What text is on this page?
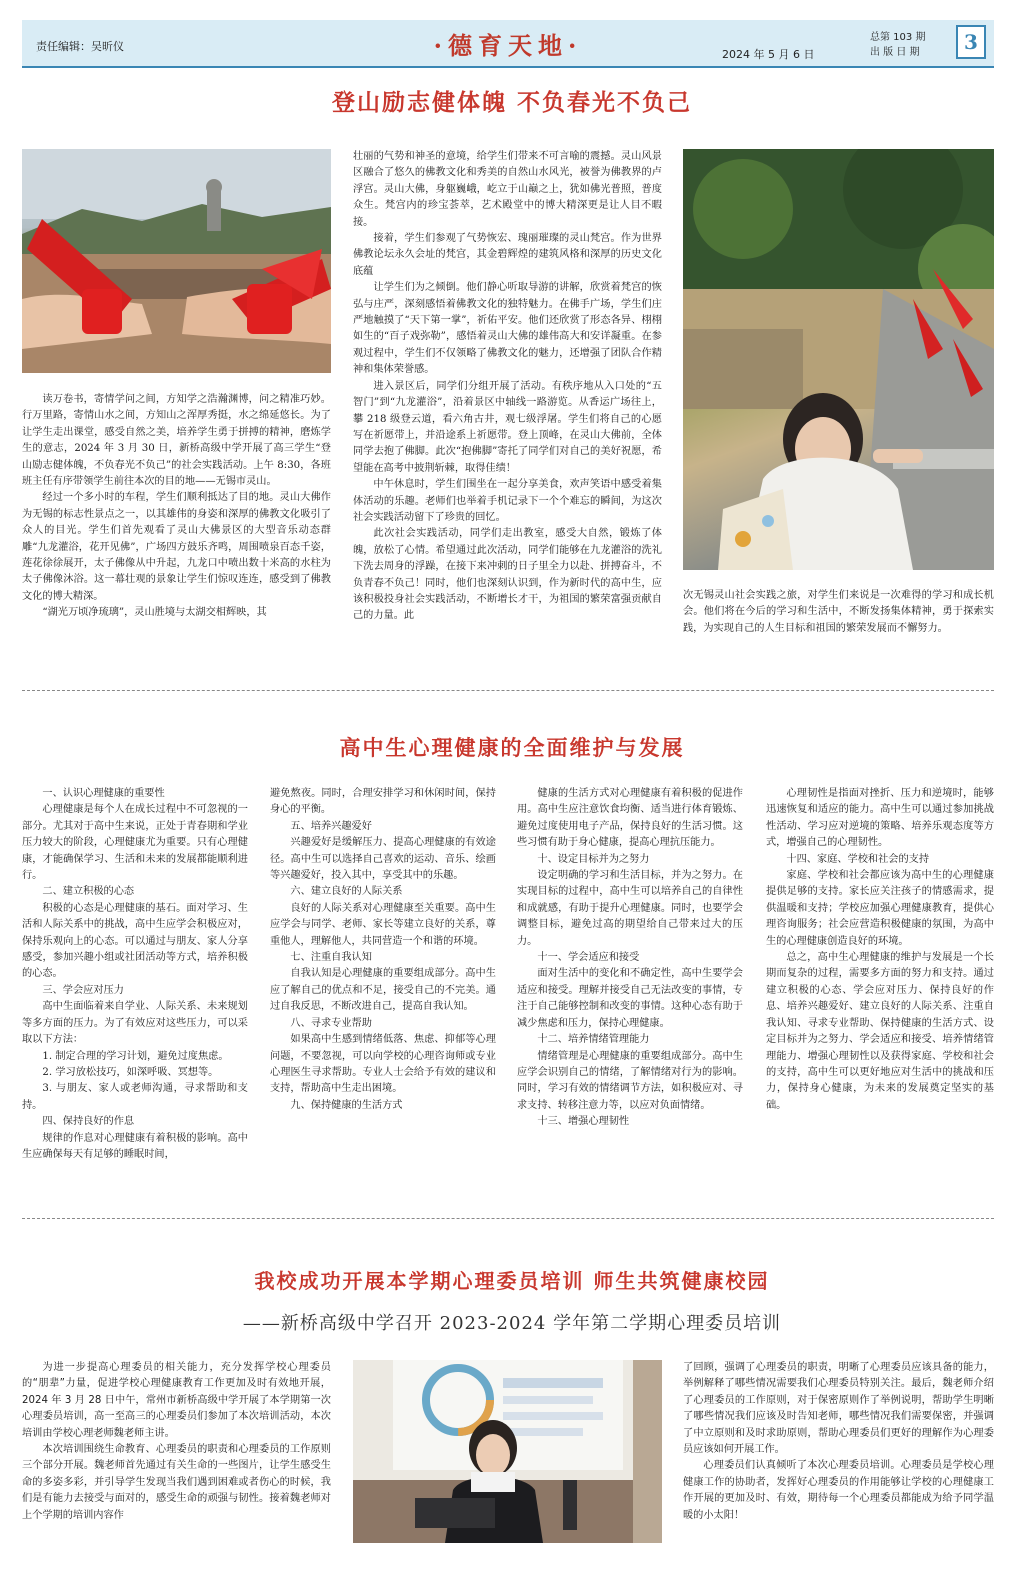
责任编辑：吴昕仪	·德育天地·	2024 年 5 月 6 日
总第 103 期
出 版 日 期	3
登山励志健体魄 不负春光不负己

读万卷书，寄情学问之间，方知学之浩瀚渊博，问之精准巧妙。行万里路，寄情山水之间，方知山之浑厚秀挺，水之绵延悠长。为了让学生走出课堂，感受自然之美，培养学生勇于拼搏的精神，磨炼学生的意志，2024 年 3 月 30 日，新桥高级中学开展了高三学生“登山励志健体魄，不负春光不负己”的社会实践活动。上午 8:30，各班班主任有序带领学生前往本次的目的地——无锡市灵山。

经过一个多小时的车程，学生们顺利抵达了目的地。灵山大佛作为无锡的标志性景点之一，以其雄伟的身姿和深厚的佛教文化吸引了众人的目光。学生们首先观看了灵山大佛景区的大型音乐动态群雕“九龙灌浴，花开见佛”，广场四方鼓乐齐鸣，周围喷泉百态千姿，莲花徐徐展开，太子佛像从中升起，九龙口中喷出数十米高的水柱为太子佛像沐浴。这一幕壮观的景象让学生们惊叹连连，感受到了佛教文化的博大精深。

“湖光万顷净琉璃”，灵山胜境与太湖交相辉映，其

壮丽的气势和神圣的意境，给学生们带来不可言喻的震撼。灵山风景区融合了悠久的佛教文化和秀美的自然山水风光，被誉为佛教界的卢浮宫。灵山大佛，身躯巍峨，屹立于山巅之上，犹如佛光普照，普度众生。梵宫内的珍宝荟萃，艺术殿堂中的博大精深更是让人目不暇接。

接着，学生们参观了气势恢宏、瑰丽璀璨的灵山梵宫。作为世界佛教论坛永久会址的梵宫，其金碧辉煌的建筑风格和深厚的历史文化底蕴

让学生们为之倾倒。他们静心听取导游的讲解，欣赏着梵宫的恢弘与庄严，深刻感悟着佛教文化的独特魅力。在佛手广场，学生们庄严地触摸了“天下第一掌”，祈佑平安。他们还欣赏了形态各异、栩栩如生的“百子戏弥勒”，感悟着灵山大佛的雄伟高大和安详凝重。在参观过程中，学生们不仅领略了佛教文化的魅力，还增强了团队合作精神和集体荣誉感。

进入景区后，同学们分组开展了活动。有秩序地从入口处的“五智门”到“九龙灌浴”，沿着景区中轴线一路游览。从香运广场往上，攀 218 级登云道，看六角古井，观七级浮屠。学生们将自己的心愿写在祈愿带上，并沿途系上祈愿带。登上顶峰，在灵山大佛前，全体同学去抱了佛脚。此次“抱佛脚”寄托了同学们对自己的美好祝愿，希望能在高考中披荆斩棘，取得佳绩！

中午休息时，学生们围坐在一起分享美食，欢声笑语中感受着集体活动的乐趣。老师们也举着手机记录下一个个难忘的瞬间，为这次社会实践活动留下了珍贵的回忆。

此次社会实践活动，同学们走出教室，感受大自然，锻炼了体魄，放松了心情。希望通过此次活动，同学们能够在九龙灌浴的洗礼下洗去周身的浮躁，在接下来冲刺的日子里全力以赴、拼搏奋斗，不负青春不负己！同时，他们也深刻认识到，作为新时代的高中生，应该积极投身社会实践活动，不断增长才干，为祖国的繁荣富强贡献自己的力量。此

次无锡灵山社会实践之旅，对学生们来说是一次难得的学习和成长机会。他们将在今后的学习和生活中，不断发扬集体精神，勇于探索实践，为实现自己的人生目标和祖国的繁荣发展而不懈努力。

高中生心理健康的全面维护与发展

一、认识心理健康的重要性

心理健康是每个人在成长过程中不可忽视的一部分。尤其对于高中生来说，正处于青春期和学业压力较大的阶段，心理健康尤为重要。只有心理健康，才能确保学习、生活和未来的发展都能顺利进行。

二、建立积极的心态

积极的心态是心理健康的基石。面对学习、生活和人际关系中的挑战，高中生应学会积极应对，保持乐观向上的心态。可以通过与朋友、家人分享感受，参加兴趣小组或社团活动等方式，培养积极的心态。

三、学会应对压力

高中生面临着来自学业、人际关系、未来规划等多方面的压力。为了有效应对这些压力，可以采取以下方法：

1. 制定合理的学习计划，避免过度焦虑。

2. 学习放松技巧，如深呼吸、冥想等。

3. 与朋友、家人或老师沟通，寻求帮助和支持。

四、保持良好的作息

规律的作息对心理健康有着积极的影响。高中生应确保每天有足够的睡眠时间，

避免熬夜。同时，合理安排学习和休闲时间，保持身心的平衡。

五、培养兴趣爱好

兴趣爱好是缓解压力、提高心理健康的有效途径。高中生可以选择自己喜欢的运动、音乐、绘画等兴趣爱好，投入其中，享受其中的乐趣。

六、建立良好的人际关系

良好的人际关系对心理健康至关重要。高中生应学会与同学、老师、家长等建立良好的关系，尊重他人，理解他人，共同营造一个和谐的环境。

七、注重自我认知

自我认知是心理健康的重要组成部分。高中生应了解自己的优点和不足，接受自己的不完美。通过自我反思，不断改进自己，提高自我认知。

八、寻求专业帮助

如果高中生感到情绪低落、焦虑、抑郁等心理问题，不要忽视，可以向学校的心理咨询师或专业心理医生寻求帮助。专业人士会给予有效的建议和支持，帮助高中生走出困境。

九、保持健康的生活方式

健康的生活方式对心理健康有着积极的促进作用。高中生应注意饮食均衡、适当进行体育锻炼、避免过度使用电子产品，保持良好的生活习惯。这些习惯有助于身心健康，提高心理抗压能力。

十、设定目标并为之努力

设定明确的学习和生活目标，并为之努力。在实现目标的过程中，高中生可以培养自己的自律性和成就感，有助于提升心理健康。同时，也要学会调整目标，避免过高的期望给自己带来过大的压力。

十一、学会适应和接受

面对生活中的变化和不确定性，高中生要学会适应和接受。理解并接受自己无法改变的事情，专注于自己能够控制和改变的事情。这种心态有助于减少焦虑和压力，保持心理健康。

十二、培养情绪管理能力

情绪管理是心理健康的重要组成部分。高中生应学会识别自己的情绪，了解情绪对行为的影响。同时，学习有效的情绪调节方法，如积极应对、寻求支持、转移注意力等，以应对负面情绪。

十三、增强心理韧性

心理韧性是指面对挫折、压力和逆境时，能够迅速恢复和适应的能力。高中生可以通过参加挑战性活动、学习应对逆境的策略、培养乐观态度等方式，增强自己的心理韧性。

十四、家庭、学校和社会的支持

家庭、学校和社会都应该为高中生的心理健康提供足够的支持。家长应关注孩子的情感需求，提供温暖和支持；学校应加强心理健康教育，提供心理咨询服务；社会应营造积极健康的氛围，为高中生的心理健康创造良好的环境。

总之，高中生心理健康的维护与发展是一个长期而复杂的过程，需要多方面的努力和支持。通过建立积极的心态、学会应对压力、保持良好的作息、培养兴趣爱好、建立良好的人际关系、注重自我认知、寻求专业帮助、保持健康的生活方式、设定目标并为之努力、学会适应和接受、培养情绪管理能力、增强心理韧性以及获得家庭、学校和社会的支持，高中生可以更好地应对生活中的挑战和压力，保持身心健康，为未来的发展奠定坚实的基础。

我校成功开展本学期心理委员培训 师生共筑健康校园
——新桥高级中学召开 2023-2024 学年第二学期心理委员培训

为进一步提高心理委员的相关能力，充分发挥学校心理委员的“朋辈”力量，促进学校心理健康教育工作更加及时有效地开展，2024 年 3 月 28 日中午，常州市新桥高级中学开展了本学期第一次心理委员培训，高一至高三的心理委员们参加了本次培训活动，本次培训由学校心理老师魏老师主讲。

本次培训围绕生命教育、心理委员的职责和心理委员的工作原则三个部分开展。魏老师首先通过有关生命的一些图片，让学生感受生命的多姿多彩，并引导学生发现当我们遇到困难或者伤心的时候，我们是有能力去接受与面对的，感受生命的顽强与韧性。接着魏老师对上个学期的培训内容作

了回顾，强调了心理委员的职责，明晰了心理委员应该具备的能力，举例解释了哪些情况需要我们心理委员特别关注。最后，魏老师介绍了心理委员的工作原则，对于保密原则作了举例说明，帮助学生明晰了哪些情况我们应该及时告知老师，哪些情况我们需要保密，并强调了中立原则和及时求助原则，帮助心理委员们更好的理解作为心理委员应该如何开展工作。

心理委员们认真倾听了本次心理委员培训。心理委员是学校心理健康工作的协助者，发挥好心理委员的作用能够让学校的心理健康工作开展的更加及时、有效，期待每一个心理委员都能成为给予同学温暖的小太阳！
